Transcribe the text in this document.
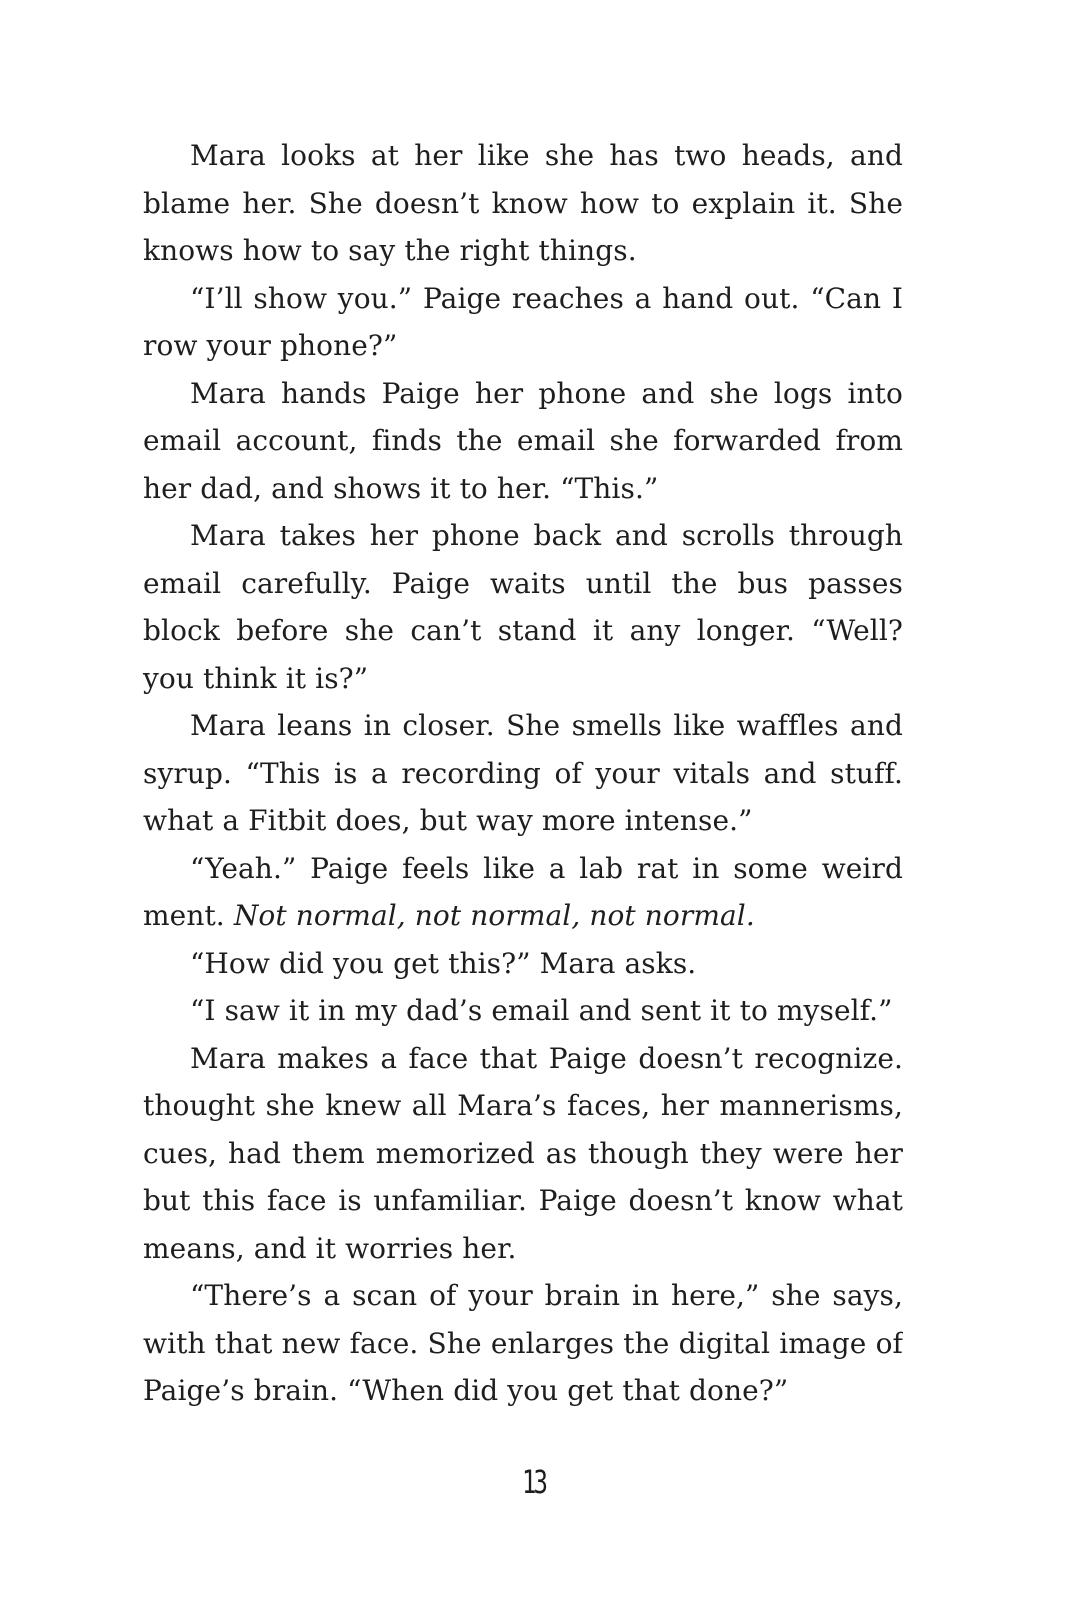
Mara looks at her like she has two heads, and
blame her. She doesn’t know how to explain it. She
knows how to say the right things.
“I’ll show you.” Paige reaches a hand out. “Can I
row your phone?”
Mara hands Paige her phone and she logs into
email account, finds the email she forwarded from
her dad, and shows it to her. “This.”
Mara takes her phone back and scrolls through
email carefully. Paige waits until the bus passes
block before she can’t stand it any longer. “Well?
you think it is?”
Mara leans in closer. She smells like waffles and
syrup. “This is a recording of your vitals and stuff.
what a Fitbit does, but way more intense.”
“Yeah.” Paige feels like a lab rat in some weird
ment. Not normal, not normal, not normal.
“How did you get this?” Mara asks.
“I saw it in my dad’s email and sent it to myself.”
Mara makes a face that Paige doesn’t recognize.
thought she knew all Mara’s faces, her mannerisms,
cues, had them memorized as though they were her
but this face is unfamiliar. Paige doesn’t know what
means, and it worries her.
“There’s a scan of your brain in here,” she says,
with that new face. She enlarges the digital image of
Paige’s brain. “When did you get that done?”
13
